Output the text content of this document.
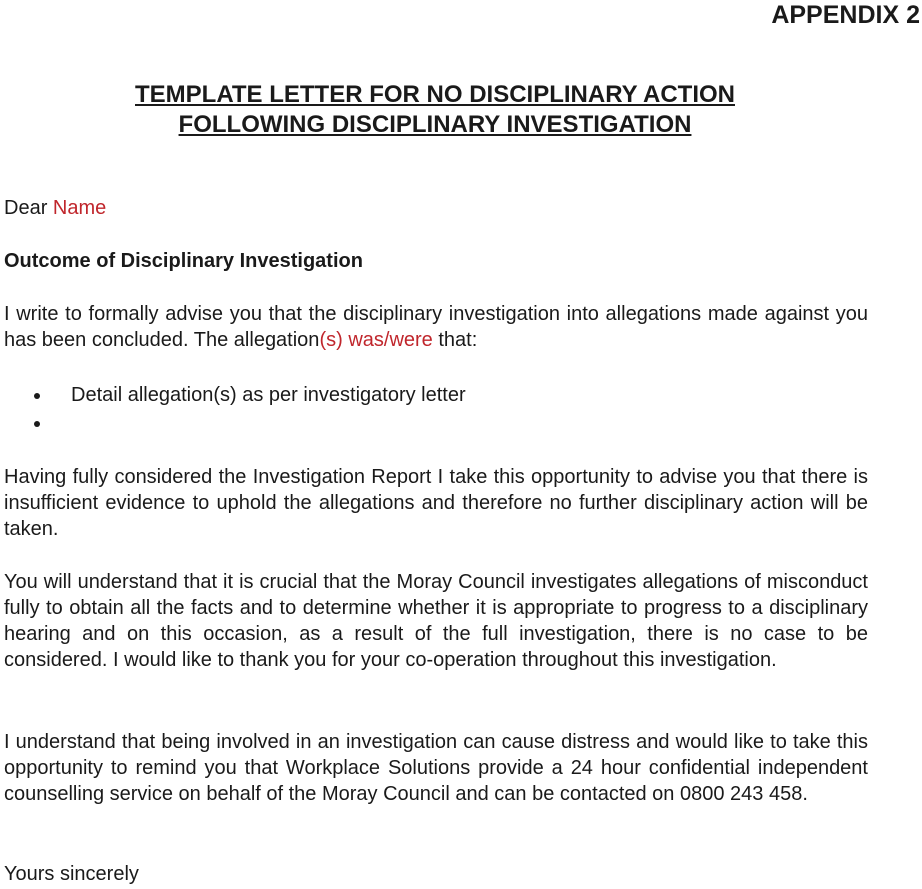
APPENDIX 2
TEMPLATE LETTER FOR NO DISCIPLINARY ACTION
FOLLOWING DISCIPLINARY INVESTIGATION
Dear Name
Outcome of Disciplinary Investigation
I write to formally advise you that the disciplinary investigation into allegations made against you has been concluded. The allegation(s) was/were that:
Detail allegation(s) as per investigatory letter
Having fully considered the Investigation Report I take this opportunity to advise you that there is insufficient evidence to uphold the allegations and therefore no further disciplinary action will be taken.
You will understand that it is crucial that the Moray Council investigates allegations of misconduct fully to obtain all the facts and to determine whether it is appropriate to progress to a disciplinary hearing and on this occasion, as a result of the full investigation, there is no case to be considered. I would like to thank you for your co-operation throughout this investigation.
I understand that being involved in an investigation can cause distress and would like to take this opportunity to remind you that Workplace Solutions provide a 24 hour confidential independent counselling service on behalf of the Moray Council and can be contacted on 0800 243 458.
Yours sincerely
